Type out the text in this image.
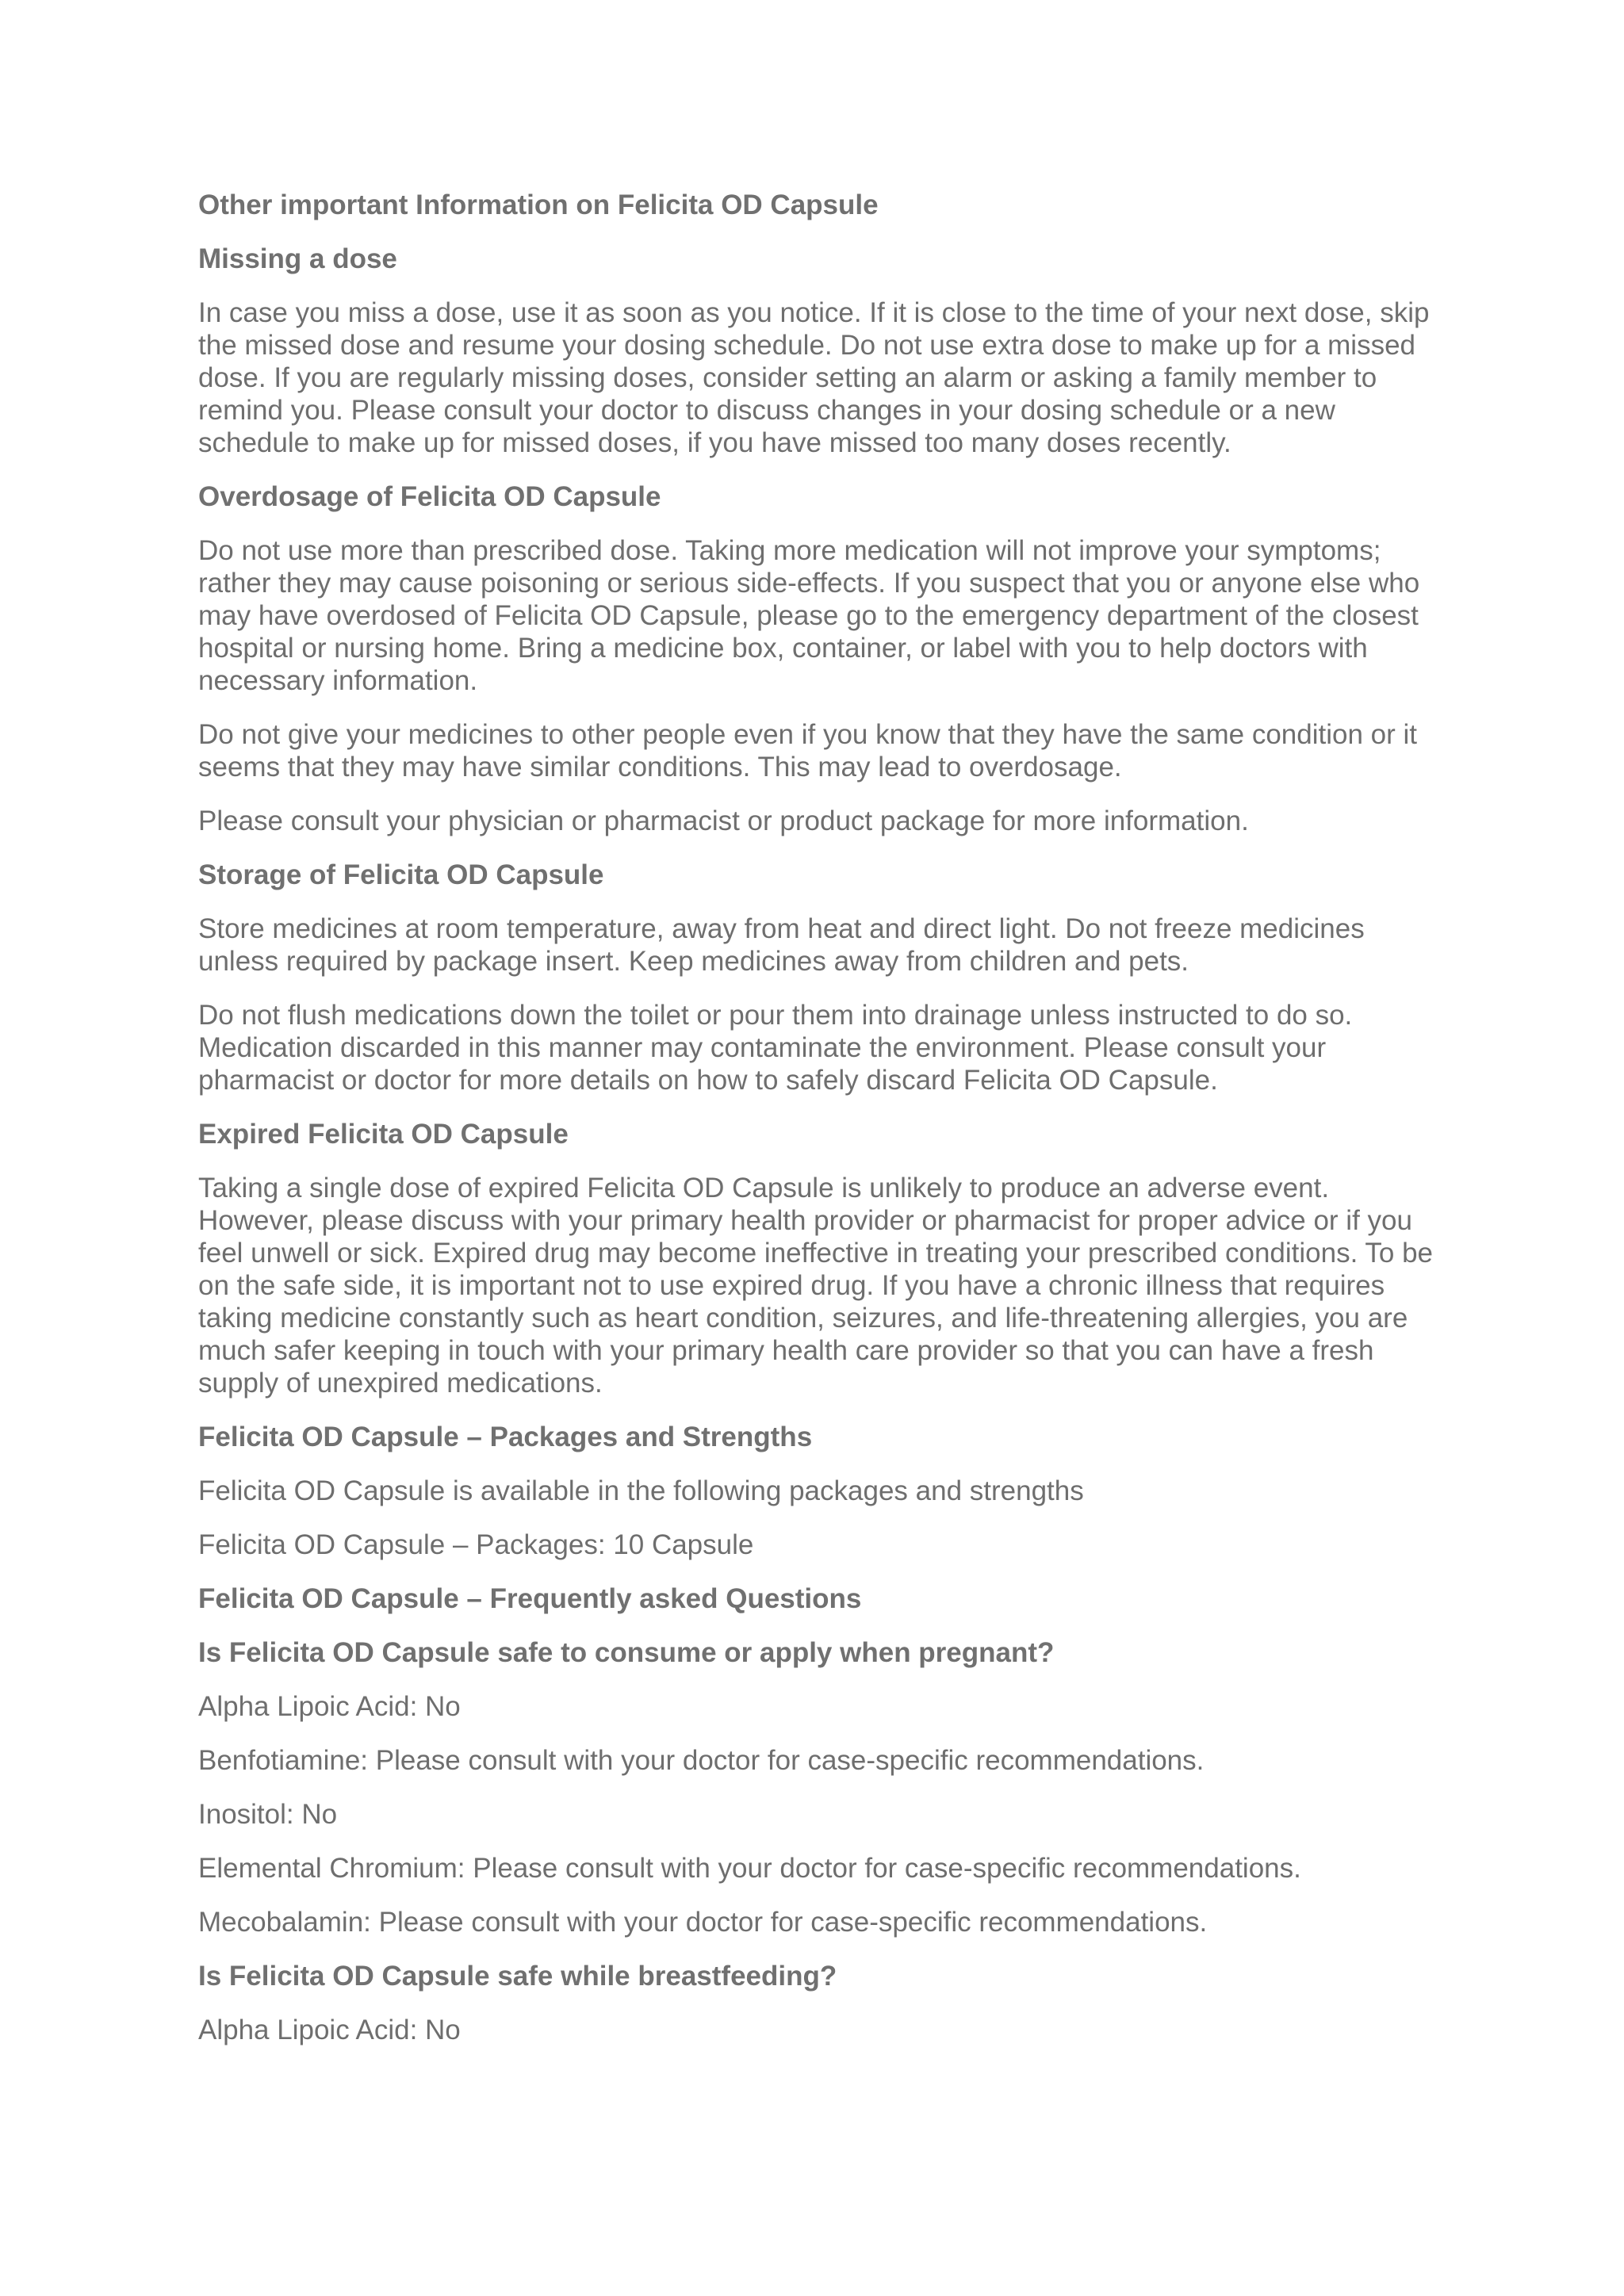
Other important Information on Felicita OD Capsule
Missing a dose
In case you miss a dose, use it as soon as you notice. If it is close to the time of your next dose, skip the missed dose and resume your dosing schedule. Do not use extra dose to make up for a missed dose. If you are regularly missing doses, consider setting an alarm or asking a family member to remind you. Please consult your doctor to discuss changes in your dosing schedule or a new schedule to make up for missed doses, if you have missed too many doses recently.
Overdosage of Felicita OD Capsule
Do not use more than prescribed dose. Taking more medication will not improve your symptoms; rather they may cause poisoning or serious side-effects. If you suspect that you or anyone else who may have overdosed of Felicita OD Capsule, please go to the emergency department of the closest hospital or nursing home. Bring a medicine box, container, or label with you to help doctors with necessary information.
Do not give your medicines to other people even if you know that they have the same condition or it seems that they may have similar conditions. This may lead to overdosage.
Please consult your physician or pharmacist or product package for more information.
Storage of Felicita OD Capsule
Store medicines at room temperature, away from heat and direct light. Do not freeze medicines unless required by package insert. Keep medicines away from children and pets.
Do not flush medications down the toilet or pour them into drainage unless instructed to do so. Medication discarded in this manner may contaminate the environment. Please consult your pharmacist or doctor for more details on how to safely discard Felicita OD Capsule.
Expired Felicita OD Capsule
Taking a single dose of expired Felicita OD Capsule is unlikely to produce an adverse event. However, please discuss with your primary health provider or pharmacist for proper advice or if you feel unwell or sick. Expired drug may become ineffective in treating your prescribed conditions. To be on the safe side, it is important not to use expired drug. If you have a chronic illness that requires taking medicine constantly such as heart condition, seizures, and life-threatening allergies, you are much safer keeping in touch with your primary health care provider so that you can have a fresh supply of unexpired medications.
Felicita OD Capsule – Packages and Strengths
Felicita OD Capsule is available in the following packages and strengths
Felicita OD Capsule – Packages: 10 Capsule
Felicita OD Capsule – Frequently asked Questions
Is Felicita OD Capsule safe to consume or apply when pregnant?
Alpha Lipoic Acid: No
Benfotiamine: Please consult with your doctor for case-specific recommendations.
Inositol: No
Elemental Chromium: Please consult with your doctor for case-specific recommendations.
Mecobalamin: Please consult with your doctor for case-specific recommendations.
Is Felicita OD Capsule safe while breastfeeding?
Alpha Lipoic Acid: No
